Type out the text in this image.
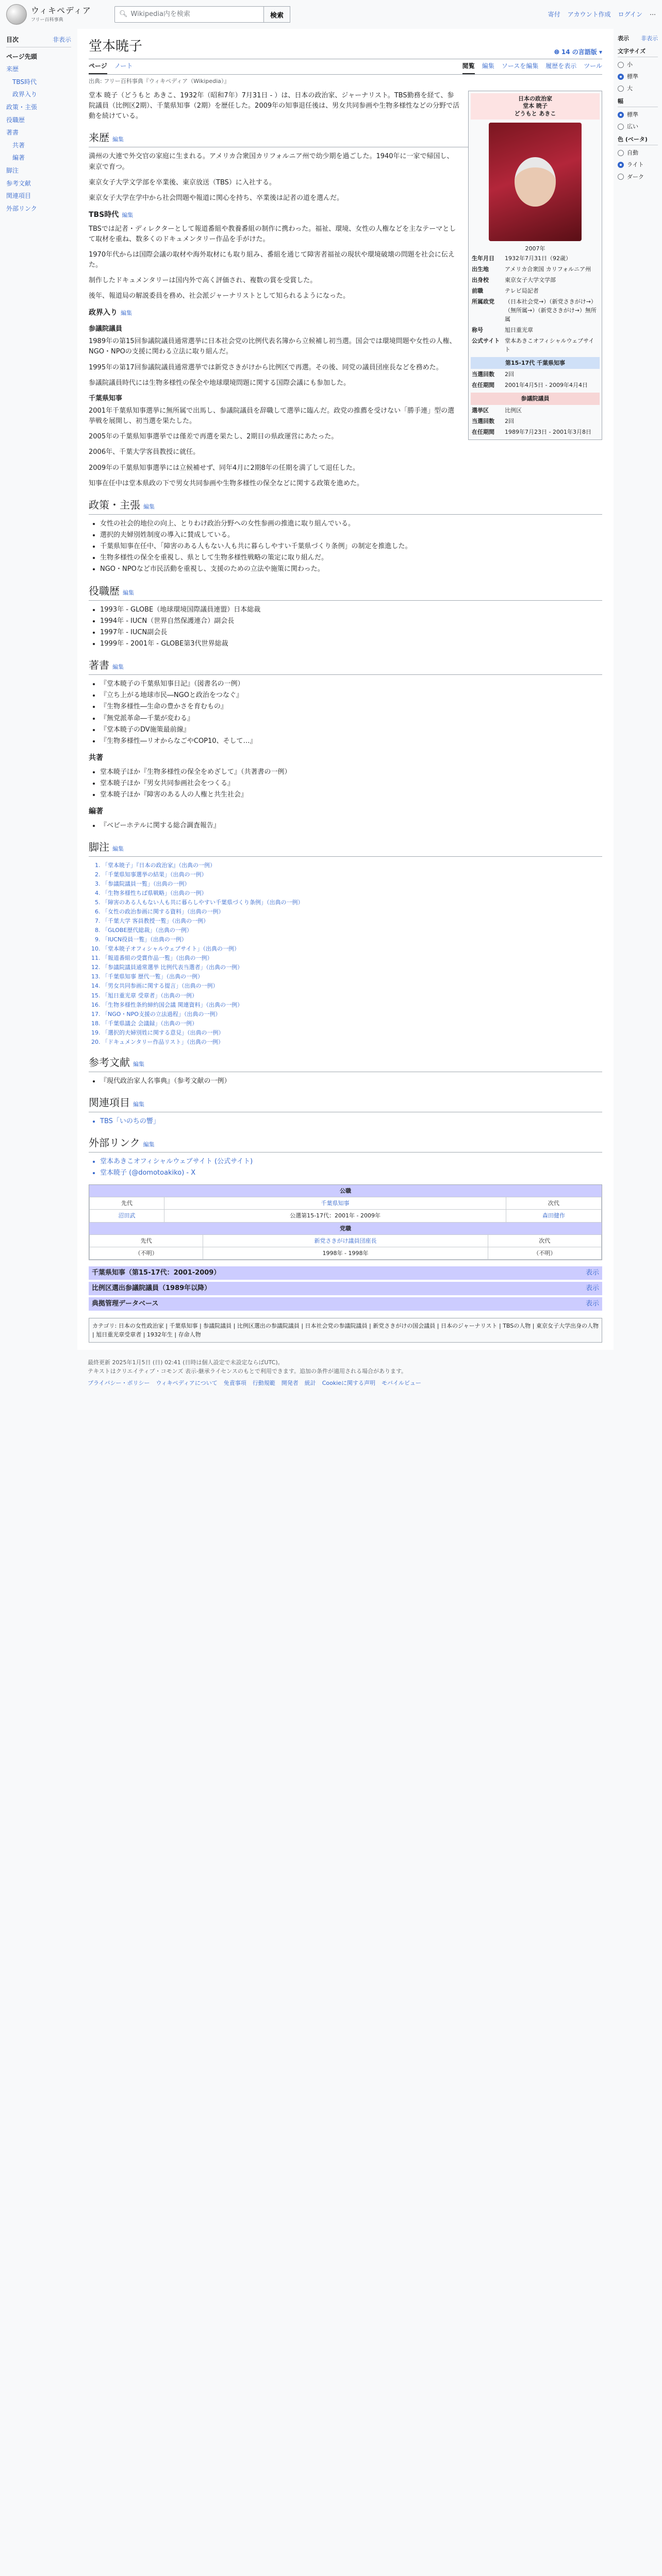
ウィキペディア
フリー百科事典
🔍︎ Wikipedia内を検索	検索	寄付 アカウント作成 ログイン ⋯
目次	非表示
ページ先頭
来歴
TBS時代
政界入り
政策・主張
役職歴
著書
共著
編著
脚注
参考文献
関連項目
外部リンク
堂本暁子	🌐︎ 14 の言語版 ▾
ページ ノート	閲覧 編集 ソースを編集 履歴を表示 ツール
出典: フリー百科事典『ウィキペディア（Wikipedia）』
日本の政治家
堂本 暁子
どうもと あきこ
2007年
生年月日	1932年7月31日（92歳）
出生地	アメリカ合衆国 カリフォルニア州
出身校	東京女子大学文学部
前職	テレビ局記者
所属政党	（日本社会党→）（新党さきがけ→）（無所属→）（新党さきがけ→）無所属
称号	旭日重光章
公式サイト	堂本あきこオフィシャルウェブサイト
第15-17代 千葉県知事
当選回数	2回
在任期間	2001年4月5日 - 2009年4月4日
参議院議員
選挙区	比例区
当選回数	2回
在任期間	1989年7月23日 - 2001年3月8日

堂本 暁子（どうもと あきこ、1932年（昭和7年）7月31日 - ）は、日本の政治家、ジャーナリスト。TBS勤務を経て、参院議員（比例区2期）、千葉県知事（2期）を歴任した。2009年の知事退任後は、男女共同参画や生物多様性などの分野で活動を続けている。

来歴 編集

満州の大連で外交官の家庭に生まれる。アメリカ合衆国カリフォルニア州で幼少期を過ごした。1940年に一家で帰国し、東京で育つ。

東京女子大学文学部を卒業後、東京放送（TBS）に入社する。

東京女子大学在学中から社会問題や報道に関心を持ち、卒業後は記者の道を選んだ。

TBS時代 編集

TBSでは記者・ディレクターとして報道番組や教養番組の制作に携わった。福祉、環境、女性の人権などを主なテーマとして取材を重ね、数多くのドキュメンタリー作品を手がけた。

1970年代からは国際会議の取材や海外取材にも取り組み、番組を通じて障害者福祉の現状や環境破壊の問題を社会に伝えた。

制作したドキュメンタリーは国内外で高く評価され、複数の賞を受賞した。

後年、報道局の解説委員を務め、社会派ジャーナリストとして知られるようになった。

政界入り 編集
参議院議員

1989年の第15回参議院議員通常選挙に日本社会党の比例代表名簿から立候補し初当選。国会では環境問題や女性の人権、NGO・NPOの支援に関わる立法に取り組んだ。

1995年の第17回参議院議員通常選挙では新党さきがけから比例区で再選。その後、同党の議員団座長などを務めた。

参議院議員時代には生物多様性の保全や地球環境問題に関する国際会議にも参加した。

千葉県知事

2001年千葉県知事選挙に無所属で出馬し、参議院議員を辞職して選挙に臨んだ。政党の推薦を受けない「勝手連」型の選挙戦を展開し、初当選を果たした。

2005年の千葉県知事選挙では僅差で再選を果たし、2期目の県政運営にあたった。

2006年、千葉大学客員教授に就任。

2009年の千葉県知事選挙には立候補せず、同年4月に2期8年の任期を満了して退任した。

知事在任中は堂本県政の下で男女共同参画や生物多様性の保全などに関する政策を進めた。

政策・主張 編集
• 女性の社会的地位の向上、とりわけ政治分野への女性参画の推進に取り組んでいる。
• 選択的夫婦別姓制度の導入に賛成している。
• 千葉県知事在任中、「障害のある人もない人も共に暮らしやすい千葉県づくり条例」の制定を推進した。
• 生物多様性の保全を重視し、県として生物多様性戦略の策定に取り組んだ。
• NGO・NPOなど市民活動を重視し、支援のための立法や施策に関わった。
役職歴 編集
• 1993年 - GLOBE（地球環境国際議員連盟）日本総裁
• 1994年 - IUCN（世界自然保護連合）副会長
• 1997年 - IUCN副会長
• 1999年 - 2001年 - GLOBE第3代世界総裁
著書 編集
• 『堂本暁子の千葉県知事日記』（図書名の一例）
• 『立ち上がる地球市民―NGOと政治をつなぐ』
• 『生物多様性―生命の豊かさを育むもの』
• 『無党派革命―千葉が変わる』
• 『堂本暁子のDV施策最前線』
• 『生物多様性―リオからなごやCOP10、そして…』
共著
• 堂本暁子ほか『生物多様性の保全をめざして』（共著書の一例）
• 堂本暁子ほか『男女共同参画社会をつくる』
• 堂本暁子ほか『障害のある人の人権と共生社会』
編著
• 『ベビーホテルに関する総合調査報告』
脚注 編集
1. 「堂本暁子」『日本の政治家』（出典の一例）
2. 「千葉県知事選挙の結果」（出典の一例）
3. 「参議院議員一覧」（出典の一例）
4. 「生物多様性ちば県戦略」（出典の一例）
5. 「障害のある人もない人も共に暮らしやすい千葉県づくり条例」（出典の一例）
6. 「女性の政治参画に関する資料」（出典の一例）
7. 「千葉大学 客員教授一覧」（出典の一例）
8. 「GLOBE歴代総裁」（出典の一例）
9. 「IUCN役員一覧」（出典の一例）
10. 「堂本暁子オフィシャルウェブサイト」（出典の一例）
11. 「報道番組の受賞作品一覧」（出典の一例）
12. 「参議院議員通常選挙 比例代表当選者」（出典の一例）
13. 「千葉県知事 歴代一覧」（出典の一例）
14. 「男女共同参画に関する提言」（出典の一例）
15. 「旭日重光章 受章者」（出典の一例）
16. 「生物多様性条約締約国会議 関連資料」（出典の一例）
17. 「NGO・NPO支援の立法過程」（出典の一例）
18. 「千葉県議会 会議録」（出典の一例）
19. 「選択的夫婦別姓に関する意見」（出典の一例）
20. 「ドキュメンタリー作品リスト」（出典の一例）
参考文献 編集
• 『現代政治家人名事典』（参考文献の一例）
関連項目 編集
• TBS「いのちの響」
外部リンク 編集
• 堂本あきこオフィシャルウェブサイト (公式サイト)
• 堂本暁子 (@domotoakiko) - X
公職
先代	千葉県知事	次代
沼田武	公選第15-17代：2001年 - 2009年	森田健作
党職
先代	新党さきがけ議員団座長	次代
（不明）	1998年 - 1998年	（不明）
千葉県知事（第15-17代：2001-2009）	表示
比例区選出参議院議員（1989年以降）	表示
典拠管理データベース	表示
カテゴリ: 日本の女性政治家 | 千葉県知事 | 参議院議員 | 比例区選出の参議院議員 | 日本社会党の参議院議員 | 新党さきがけの国会議員 | 日本のジャーナリスト | TBSの人物 | 東京女子大学出身の人物 | 旭日重光章受章者 | 1932年生 | 存命人物
表示 非表示
文字サイズ
小
標準
大
幅
標準
広い
色 (ベータ)
自動
ライト
ダーク
最終更新 2025年1月5日 (日) 02:41 (日時は個人設定で未設定ならばUTC)。
テキストはクリエイティブ・コモンズ 表示-継承ライセンスのもとで利用できます。追加の条件が適用される場合があります。
プライバシー・ポリシー ウィキペディアについて 免責事項 行動規範 開発者 統計 Cookieに関する声明 モバイルビュー
